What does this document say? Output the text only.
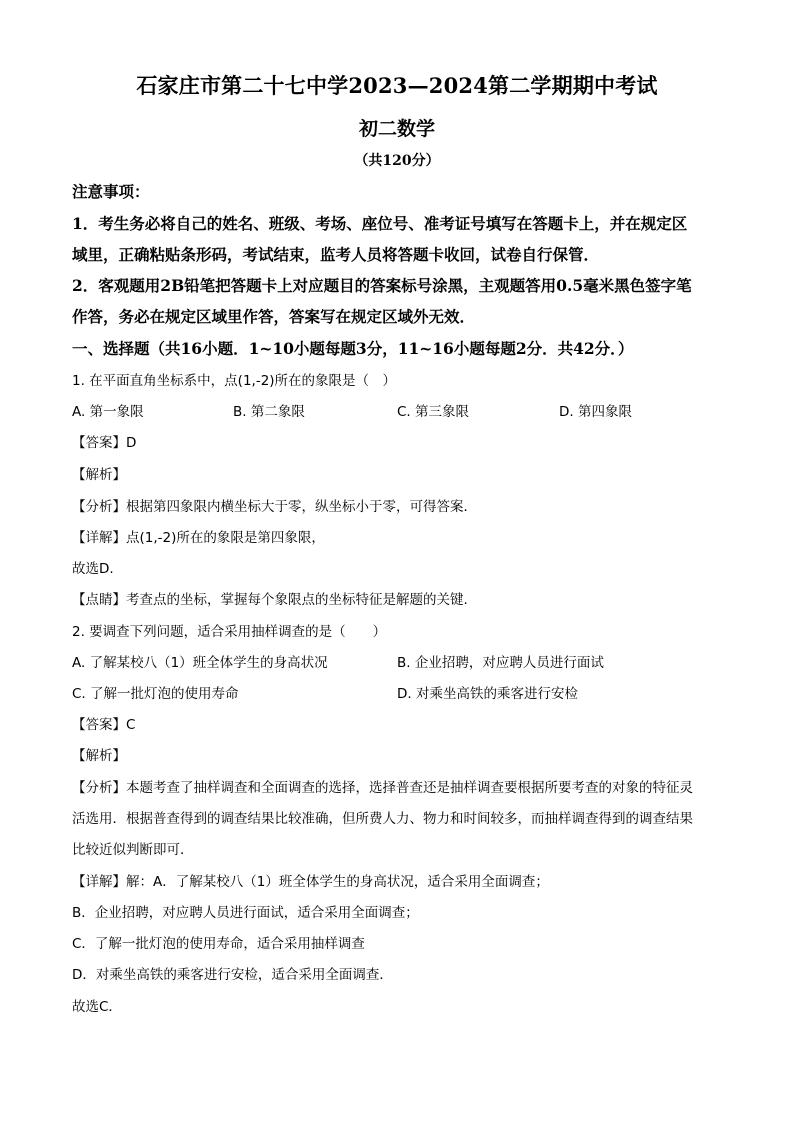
石家庄市第二十七中学2023—2024第二学期期中考试
初二数学
（共120分）
注意事项：
1．考生务必将自己的姓名、班级、考场、座位号、准考证号填写在答题卡上，并在规定区
域里，正确粘贴条形码，考试结束，监考人员将答题卡收回，试卷自行保管．
2．客观题用2B铅笔把答题卡上对应题目的答案标号涂黑，主观题答用0.5毫米黑色签字笔
作答，务必在规定区域里作答，答案写在规定区域外无效．
一、选择题（共16小题．1~10小题每题3分，11~16小题每题2分．共42分．）
1. 在平面直角坐标系中，点(1,-2)所在的象限是（　）
A. 第一象限	B. 第二象限	C. 第三象限	D. 第四象限
【答案】D
【解析】
【分析】根据第四象限内横坐标大于零，纵坐标小于零，可得答案．
【详解】点(1,-2)所在的象限是第四象限，
故选D.
【点睛】考查点的坐标，掌握每个象限点的坐标特征是解题的关键.
2. 要调查下列问题，适合采用抽样调查的是（　　）
A. 了解某校八（1）班全体学生的身高状况	B. 企业招聘，对应聘人员进行面试
C. 了解一批灯泡的使用寿命	D. 对乘坐高铁的乘客进行安检
【答案】C
【解析】
【分析】本题考查了抽样调查和全面调查的选择，选择普查还是抽样调查要根据所要考查的对象的特征灵
活选用．根据普查得到的调查结果比较准确，但所费人力、物力和时间较多，而抽样调查得到的调查结果
比较近似判断即可．
【详解】解：A．了解某校八（1）班全体学生的身高状况，适合采用全面调查；
B．企业招聘，对应聘人员进行面试，适合采用全面调查；
C．了解一批灯泡的使用寿命，适合采用抽样调查
D．对乘坐高铁的乘客进行安检，适合采用全面调查．
故选C．
